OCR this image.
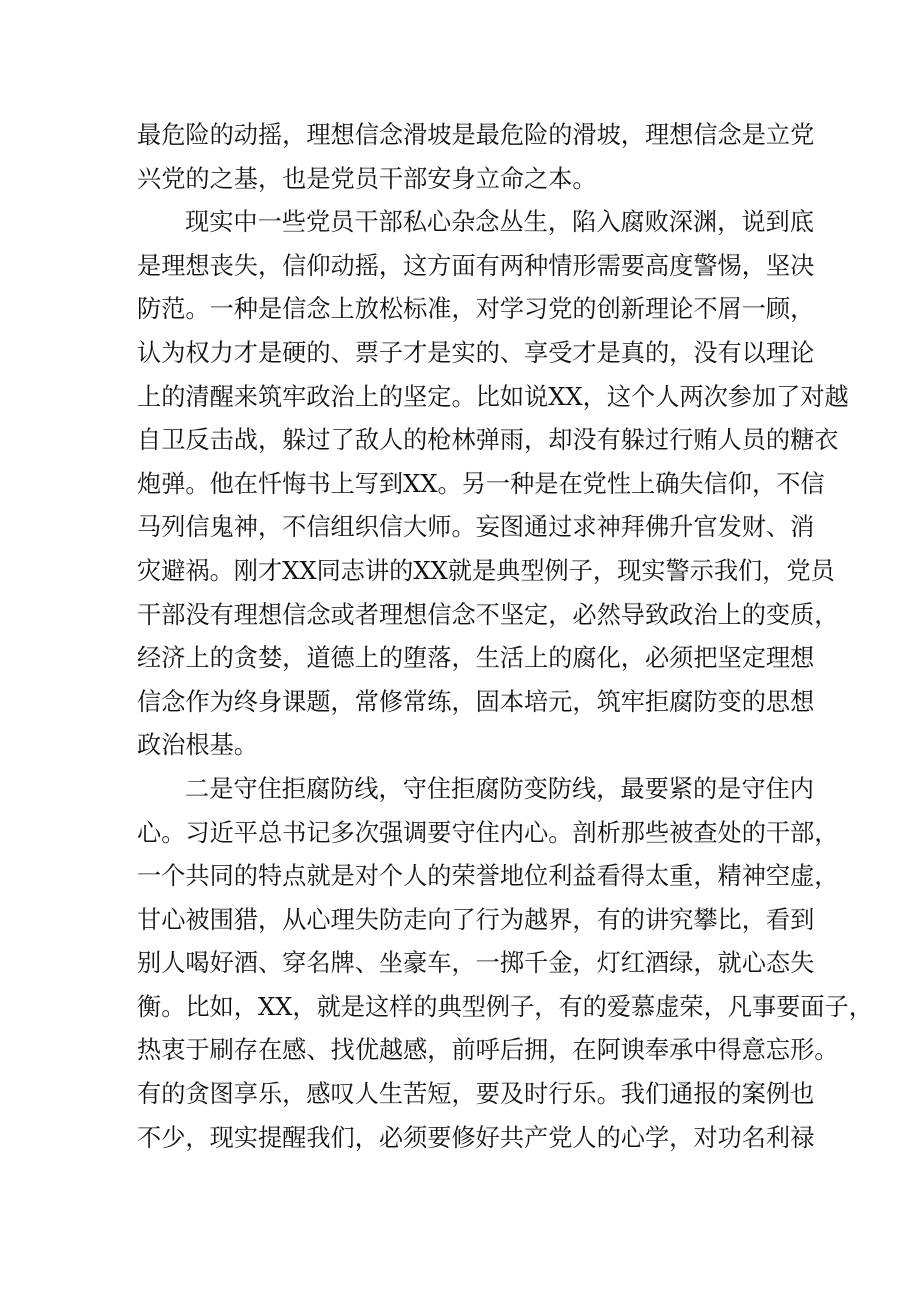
最危险的动摇，理想信念滑坡是最危险的滑坡，理想信念是立党
兴党的之基，也是党员干部安身立命之本。
现实中一些党员干部私心杂念丛生，陷入腐败深渊，说到底
是理想丧失，信仰动摇，这方面有两种情形需要高度警惕，坚决
防范。一种是信念上放松标准，对学习党的创新理论不屑一顾，
认为权力才是硬的、票子才是实的、享受才是真的，没有以理论
上的清醒来筑牢政治上的坚定。比如说XX，这个人两次参加了对越
自卫反击战，躲过了敌人的枪林弹雨，却没有躲过行贿人员的糖衣
炮弹。他在忏悔书上写到XX。另一种是在党性上确失信仰，不信
马列信鬼神，不信组织信大师。妄图通过求神拜佛升官发财、消
灾避祸。刚才XX同志讲的XX就是典型例子，现实警示我们，党员
干部没有理想信念或者理想信念不坚定，必然导致政治上的变质，
经济上的贪婪，道德上的堕落，生活上的腐化，必须把坚定理想
信念作为终身课题，常修常练，固本培元，筑牢拒腐防变的思想
政治根基。
二是守住拒腐防线，守住拒腐防变防线，最要紧的是守住内
心。习近平总书记多次强调要守住内心。剖析那些被查处的干部，
一个共同的特点就是对个人的荣誉地位利益看得太重，精神空虚，
甘心被围猎，从心理失防走向了行为越界，有的讲究攀比，看到
别人喝好酒、穿名牌、坐豪车，一掷千金，灯红酒绿，就心态失
衡。比如，XX，就是这样的典型例子，有的爱慕虚荣，凡事要面子，
热衷于刷存在感、找优越感，前呼后拥，在阿谀奉承中得意忘形。
有的贪图享乐，感叹人生苦短，要及时行乐。我们通报的案例也
不少，现实提醒我们，必须要修好共产党人的心学，对功名利禄
